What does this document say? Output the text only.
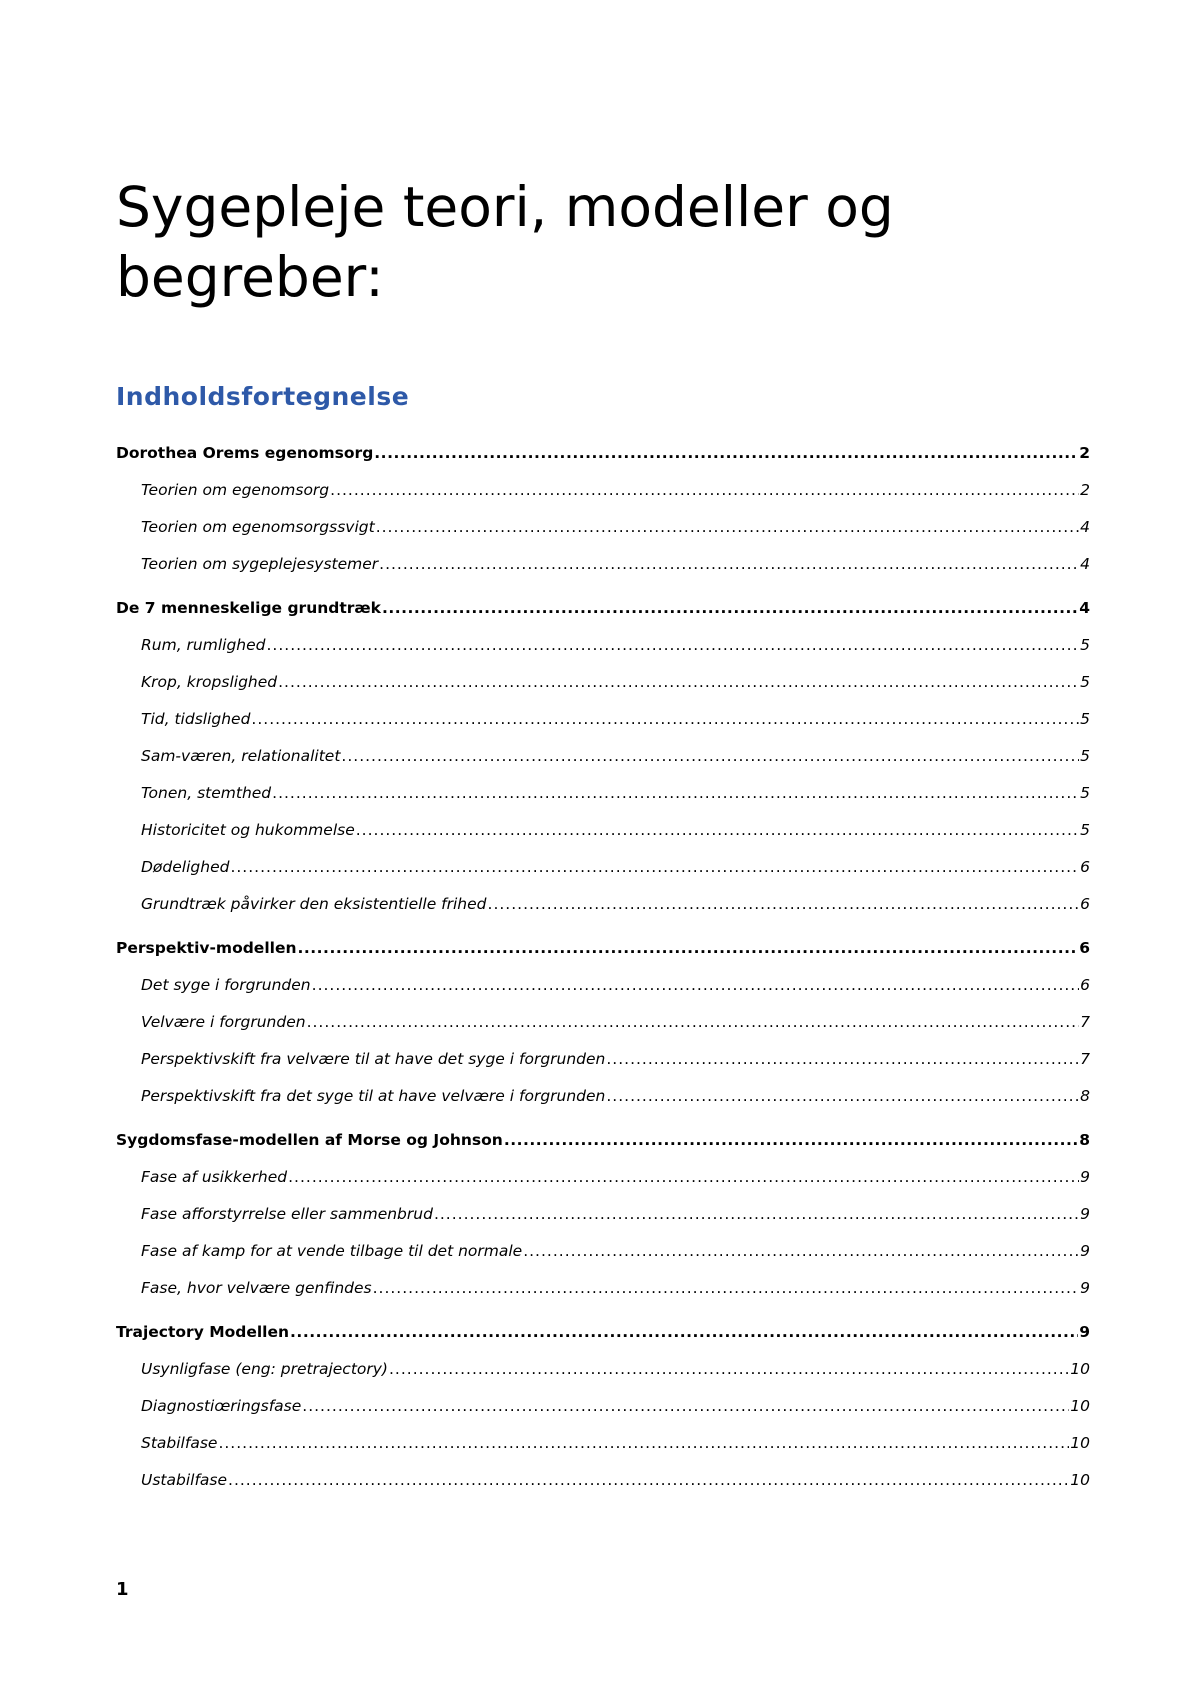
Sygepleje teori, modeller og
begreber:
Indholdsfortegnelse
Dorothea Orems egenomsorg .....	2
Teorien om egenomsorg .....	2
Teorien om egenomsorgssvigt .....	4
Teorien om sygeplejesystemer .....	4
De 7 menneskelige grundtræk .....	4
Rum, rumlighed .....	5
Krop, kropslighed .....	5
Tid, tidslighed .....	5
Sam-væren, relationalitet .....	5
Tonen, stemthed .....	5
Historicitet og hukommelse .....	5
Dødelighed .....	6
Grundtræk påvirker den eksistentielle frihed .....	6
Perspektiv-modellen .....	6
Det syge i forgrunden .....	6
Velvære i forgrunden .....	7
Perspektivskift fra velvære til at have det syge i forgrunden .....	7
Perspektivskift fra det syge til at have velvære i forgrunden .....	8
Sygdomsfase-modellen af Morse og Johnson .....	8
Fase af usikkerhed .....	9
Fase afforstyrrelse eller sammenbrud .....	9
Fase af kamp for at vende tilbage til det normale .....	9
Fase, hvor velvære genfindes .....	9
Trajectory Modellen .....	9
Usynligfase (eng: pretrajectory) .....	10
Diagnostiœringsfase .....	10
Stabilfase .....	10
Ustabilfase .....	10
1
